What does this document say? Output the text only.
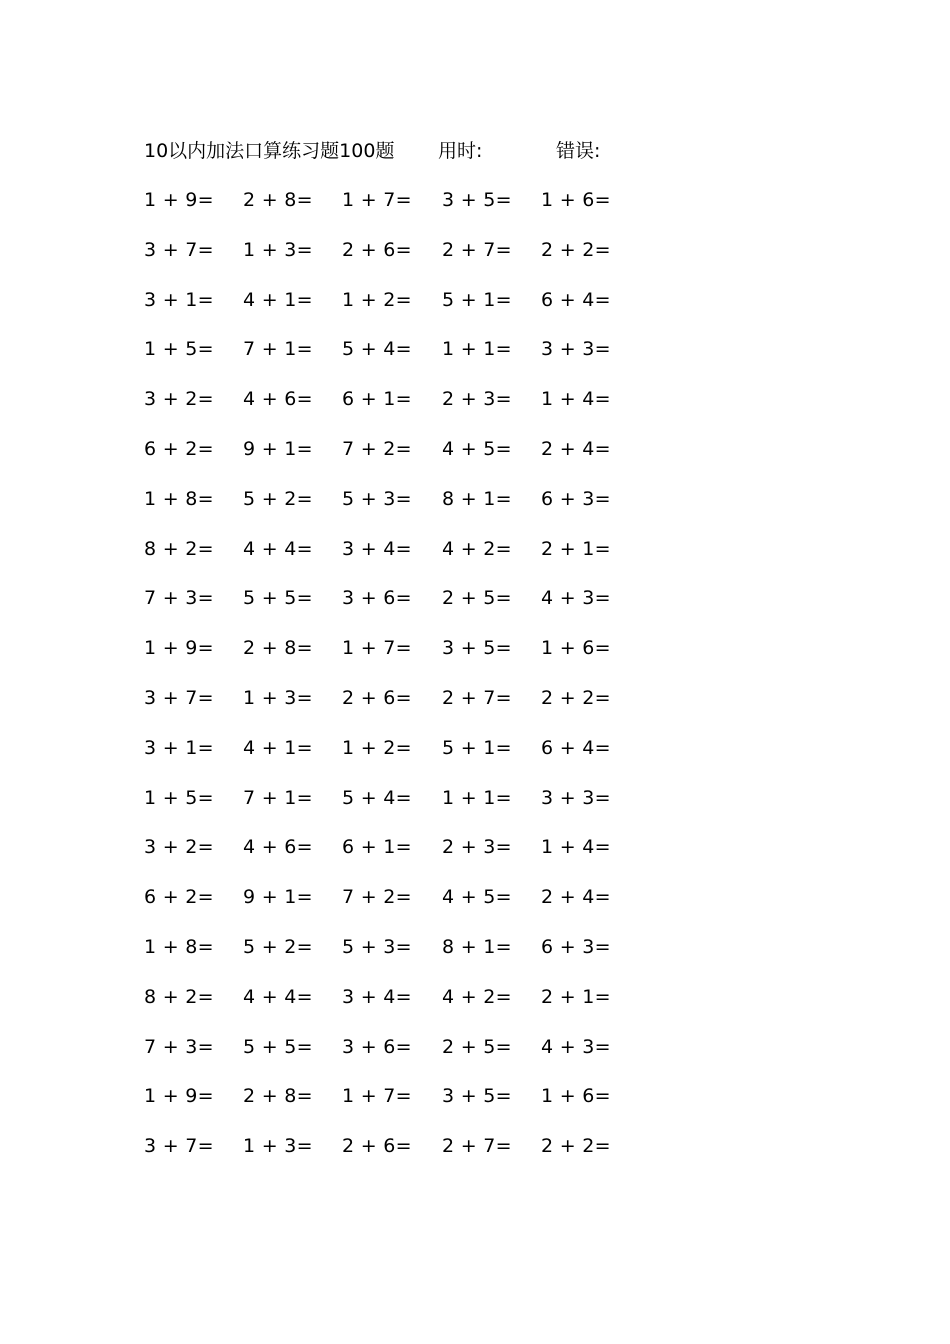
10以内加法口算练习题100题 用时:	错误:
1 + 9= 2 + 8= 1 + 7= 3 + 5= 1 + 6=
3 + 7= 1 + 3= 2 + 6= 2 + 7= 2 + 2=
3 + 1= 4 + 1= 1 + 2= 5 + 1= 6 + 4=
1 + 5= 7 + 1= 5 + 4= 1 + 1= 3 + 3=
3 + 2= 4 + 6= 6 + 1= 2 + 3= 1 + 4=
6 + 2= 9 + 1= 7 + 2= 4 + 5= 2 + 4=
1 + 8= 5 + 2= 5 + 3= 8 + 1= 6 + 3=
8 + 2= 4 + 4= 3 + 4= 4 + 2= 2 + 1=
7 + 3= 5 + 5= 3 + 6= 2 + 5= 4 + 3=
1 + 9= 2 + 8= 1 + 7= 3 + 5= 1 + 6=
3 + 7= 1 + 3= 2 + 6= 2 + 7= 2 + 2=
3 + 1= 4 + 1= 1 + 2= 5 + 1= 6 + 4=
1 + 5= 7 + 1= 5 + 4= 1 + 1= 3 + 3=
3 + 2= 4 + 6= 6 + 1= 2 + 3= 1 + 4=
6 + 2= 9 + 1= 7 + 2= 4 + 5= 2 + 4=
1 + 8= 5 + 2= 5 + 3= 8 + 1= 6 + 3=
8 + 2= 4 + 4= 3 + 4= 4 + 2= 2 + 1=
7 + 3= 5 + 5= 3 + 6= 2 + 5= 4 + 3=
1 + 9= 2 + 8= 1 + 7= 3 + 5= 1 + 6=
3 + 7= 1 + 3= 2 + 6= 2 + 7= 2 + 2=
